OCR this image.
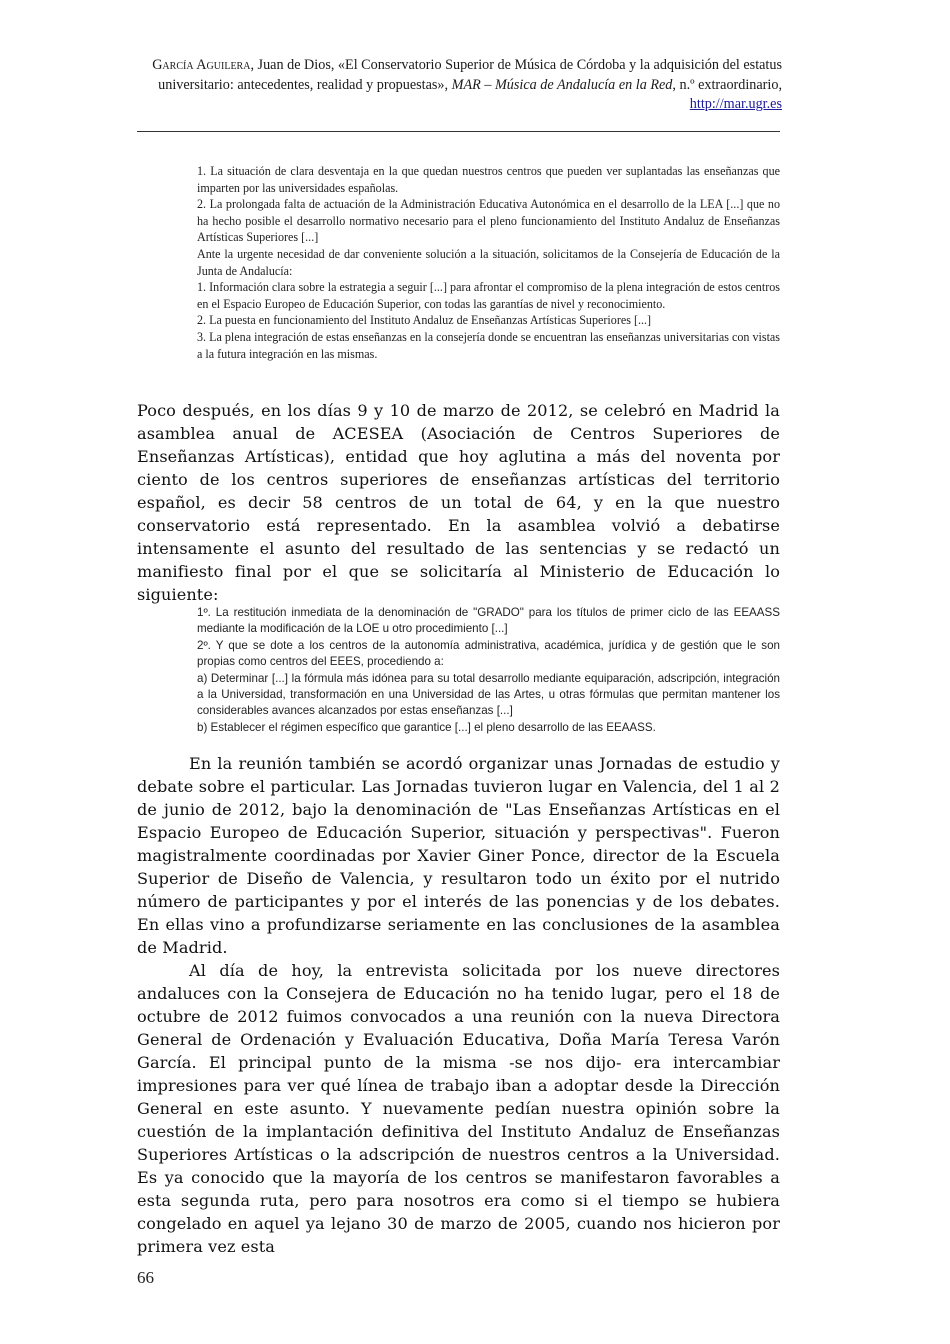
García Aguilera, Juan de Dios, «El Conservatorio Superior de Música de Córdoba y la adquisición del estatus universitario: antecedentes, realidad y propuestas», MAR – Música de Andalucía en la Red, n.º extraordinario, http://mar.ugr.es

1. La situación de clara desventaja en la que quedan nuestros centros que pueden ver suplantadas las enseñanzas que imparten por las universidades españolas.

2. La prolongada falta de actuación de la Administración Educativa Autonómica en el desarrollo de la LEA [...] que no ha hecho posible el desarrollo normativo necesario para el pleno funcionamiento del Instituto Andaluz de Enseñanzas Artísticas Superiores [...]

Ante la urgente necesidad de dar conveniente solución a la situación, solicitamos de la Consejería de Educación de la Junta de Andalucía:

1. Información clara sobre la estrategia a seguir [...] para afrontar el compromiso de la plena integración de estos centros en el Espacio Europeo de Educación Superior, con todas las garantías de nivel y reconocimiento.

2. La puesta en funcionamiento del Instituto Andaluz de Enseñanzas Artísticas Superiores [...]

3. La plena integración de estas enseñanzas en la consejería donde se encuentran las enseñanzas universitarias con vistas a la futura integración en las mismas.

Poco después, en los días 9 y 10 de marzo de 2012, se celebró en Madrid la asamblea anual de ACESEA (Asociación de Centros Superiores de Enseñanzas Artísticas), entidad que hoy aglutina a más del noventa por ciento de los centros superiores de enseñanzas artísticas del territorio español, es decir 58 centros de un total de 64, y en la que nuestro conservatorio está representado. En la asamblea volvió a debatirse intensamente el asunto del resultado de las sentencias y se redactó un manifiesto final por el que se solicitaría al Ministerio de Educación lo siguiente:

1º. La restitución inmediata de la denominación de "GRADO" para los títulos de primer ciclo de las EEAASS mediante la modificación de la LOE u otro procedimiento [...]

2º. Y que se dote a los centros de la autonomía administrativa, académica, jurídica y de gestión que le son propias como centros del EEES, procediendo a:

a) Determinar [...] la fórmula más idónea para su total desarrollo mediante equiparación, adscripción, integración a la Universidad, transformación en una Universidad de las Artes, u otras fórmulas que permitan mantener los considerables avances alcanzados por estas enseñanzas [...]

b) Establecer el régimen específico que garantice [...] el pleno desarrollo de las EEAASS.

En la reunión también se acordó organizar unas Jornadas de estudio y debate sobre el particular. Las Jornadas tuvieron lugar en Valencia, del 1 al 2 de junio de 2012, bajo la denominación de "Las Enseñanzas Artísticas en el Espacio Europeo de Educación Superior, situación y perspectivas". Fueron magistralmente coordinadas por Xavier Giner Ponce, director de la Escuela Superior de Diseño de Valencia, y resultaron todo un éxito por el nutrido número de participantes y por el interés de las ponencias y de los debates. En ellas vino a profundizarse seriamente en las conclusiones de la asamblea de Madrid.

Al día de hoy, la entrevista solicitada por los nueve directores andaluces con la Consejera de Educación no ha tenido lugar, pero el 18 de octubre de 2012 fuimos convocados a una reunión con la nueva Directora General de Ordenación y Evaluación Educativa, Doña María Teresa Varón García. El principal punto de la misma -se nos dijo- era intercambiar impresiones para ver qué línea de trabajo iban a adoptar desde la Dirección General en este asunto. Y nuevamente pedían nuestra opinión sobre la cuestión de la implantación definitiva del Instituto Andaluz de Enseñanzas Superiores Artísticas o la adscripción de nuestros centros a la Universidad. Es ya conocido que la mayoría de los centros se manifestaron favorables a esta segunda ruta, pero para nosotros era como si el tiempo se hubiera congelado en aquel ya lejano 30 de marzo de 2005, cuando nos hicieron por primera vez esta

66
